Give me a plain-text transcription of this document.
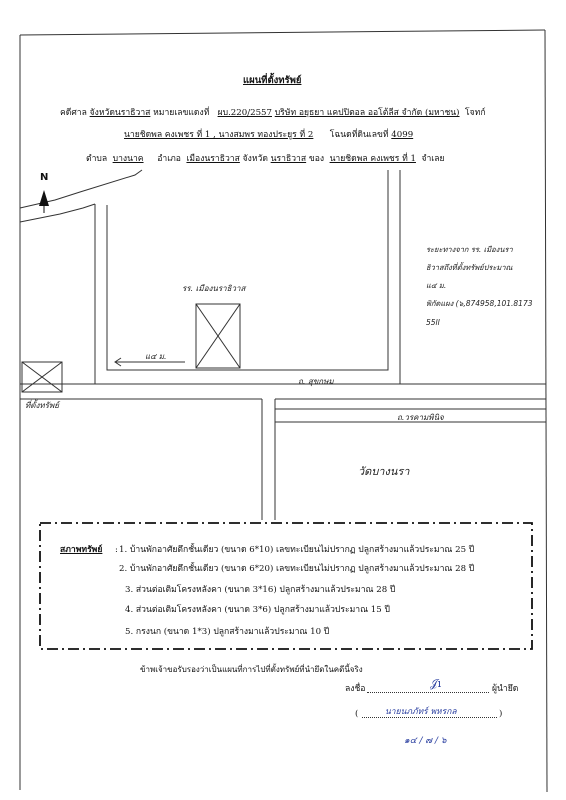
แผนที่ตั้งทรัพย์
คดีศาล จังหวัดนราธิวาส หมายเลขแดงที่ ผบ.220/2557 บริษัท อยุธยา แคปปิตอล ออโต้ลีส จำกัด (มหาชน) โจทก์
นายชิดพล คงเพชร ที่ 1 , นางสมพร ทองประยูร ที่ 2 โฉนดที่ดินเลขที่ 4099
ตำบล บางนาค อำเภอ เมืองนราธิวาส จังหวัด นราธิวาส ของ นายชิดพล คงเพชร ที่ 1 จำเลย
N
รร. เมืองนราธิวาส
แ๔ ม.
ถ. สุขกษม
ถ.วรคามพินิจ
ที่ตั้งทรัพย์
วัดบางนรา
ระยะทางจาก รร. เมืองนรา
ธิวาสถึงที่ตั้งทรัพย์ประมาณ
แ๔ ม.
พิกัดแผง (๖,874958,101.8173
55ll
สภาพทรัพย์ : 1. บ้านพักอาศัยตึกชั้นเดียว (ขนาด 6*10) เลขทะเบียนไม่ปรากฏ ปลูกสร้างมาแล้วประมาณ 25 ปี
2. บ้านพักอาศัยตึกชั้นเดียว (ขนาด 6*20) เลขทะเบียนไม่ปรากฏ ปลูกสร้างมาแล้วประมาณ 28 ปี
3. ส่วนต่อเติมโครงหลังคา (ขนาด 3*16) ปลูกสร้างมาแล้วประมาณ 28 ปี
4. ส่วนต่อเติมโครงหลังคา (ขนาด 3*6) ปลูกสร้างมาแล้วประมาณ 15 ปี
5. กรงนก (ขนาด 1*3) ปลูกสร้างมาแล้วประมาณ 10 ปี
ข้าพเจ้าขอรับรองว่าเป็นแผนที่การไปที่ตั้งทรัพย์ที่นำยึดในคดีนี้จริง
ลงชื่อ	𝒥ı	ผู้นำยึด
(	นายนภภัทร์ พหรกล	)
๑๔ / ๗ / ๖
